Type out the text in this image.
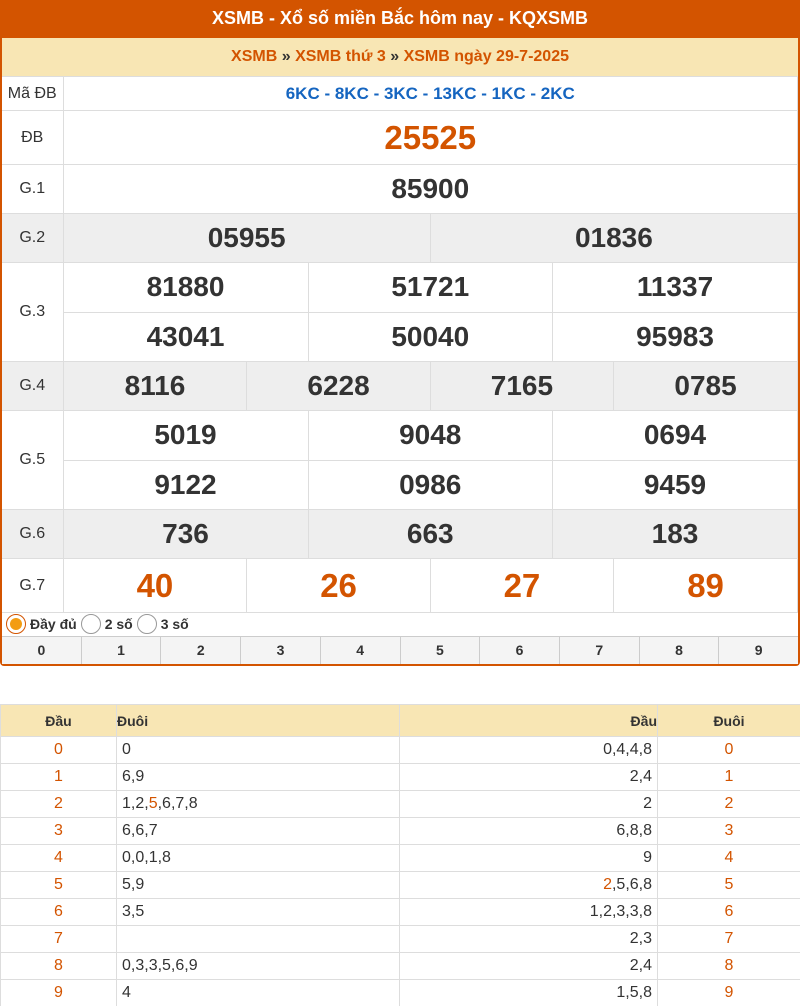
XSMB - Xổ số miền Bắc hôm nay - KQXSMB
XSMB » XSMB thứ 3 » XSMB ngày 29-7-2025
Mã ĐB	6KC - 8KC - 3KC - 13KC - 1KC - 2KC
ĐB	25525
G.1	85900
G.2		05955	01836

G.3	
81880	51721	11337
43041	50040	95983

G.4		8116	6228	7165	0785

G.5	
5019	9048	0694
9122	0986	9459

G.6		736	663	183

G.7		40	26	27	89
Đầy đủ 2 số 3 số
0	1	2	3	4	5	6	7	8	9
Đầu	Đuôi	Đầu	Đuôi
0	0	0,4,4,8	0
1	6,9	2,4	1
2	1,2,5,6,7,8	2	2
3	6,6,7	6,8,8	3
4	0,0,1,8	9	4
5	5,9	2,5,6,8	5
6	3,5	1,2,3,3,8	6
7		2,3	7
8	0,3,3,5,6,9	2,4	8
9	4	1,5,8	9
